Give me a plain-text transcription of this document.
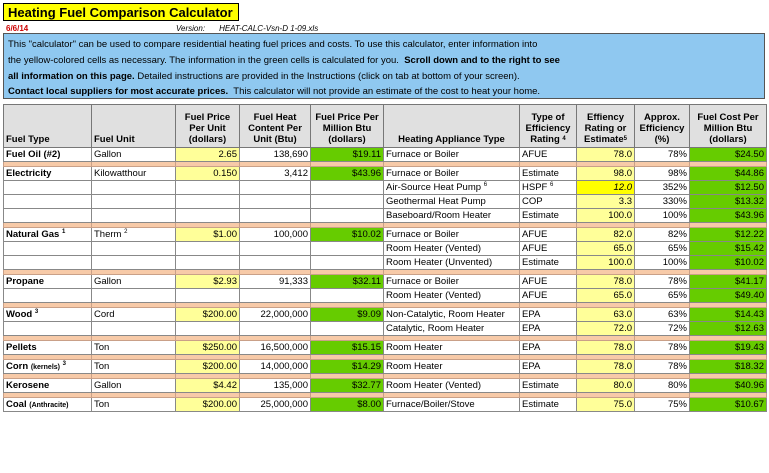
Heating Fuel Comparison Calculator
6/6/14	Version: HEAT-CALC-Vsn-D 1-09.xls
This "calculator" can be used to compare residential heating fuel prices and costs. To use this calculator, enter information into
the yellow-colored cells as necessary. The information in the green cells is calculated for you. Scroll down and to the right to see
all information on this page. Detailed instructions are provided in the Instructions (click on tab at bottom of your screen).
Contact local suppliers for most accurate prices. This calculator will not provide an estimate of the cost to heat your home.
Fuel Type	Fuel Unit	Fuel Price Per Unit (dollars)	Fuel Heat Content Per Unit (Btu)	Fuel Price Per Million Btu (dollars)	Heating Appliance Type	Type of Efficiency Rating $^4$	Effiency Rating or Estimate$^5$	Approx. Efficiency (%)	Fuel Cost Per Million Btu (dollars)
Fuel Oil (#2)	Gallon	2.65	138,690	$19.11	Furnace or Boiler	AFUE	78.0	78%	$24.50

Electricity	Kilowatthour	0.150	3,412	$43.96	Furnace or Boiler	Estimate	98.0	98%	$44.86
					Air-Source Heat Pump $^6$	HSPF $^6$	12.0	352%	$12.50
					Geothermal Heat Pump	COP	3.3	330%	$13.32
					Baseboard/Room Heater	Estimate	100.0	100%	$43.96

Natural Gas $^1$	Therm $^2$	$1.00	100,000	$10.02	Furnace or Boiler	AFUE	82.0	82%	$12.22
					Room Heater (Vented)	AFUE	65.0	65%	$15.42
					Room Heater (Unvented)	Estimate	100.0	100%	$10.02

Propane	Gallon	$2.93	91,333	$32.11	Furnace or Boiler	AFUE	78.0	78%	$41.17
					Room Heater (Vented)	AFUE	65.0	65%	$49.40

Wood $^3$	Cord	$200.00	22,000,000	$9.09	Non-Catalytic, Room Heater	EPA	63.0	63%	$14.43
					Catalytic, Room Heater	EPA	72.0	72%	$12.63

Pellets	Ton	$250.00	16,500,000	$15.15	Room Heater	EPA	78.0	78%	$19.43

Corn (kernels) $^3$	Ton	$200.00	14,000,000	$14.29	Room Heater	EPA	78.0	78%	$18.32

Kerosene	Gallon	$4.42	135,000	$32.77	Room Heater (Vented)	Estimate	80.0	80%	$40.96

Coal (Anthracite)	Ton	$200.00	25,000,000	$8.00	Furnace/Boiler/Stove	Estimate	75.0	75%	$10.67
